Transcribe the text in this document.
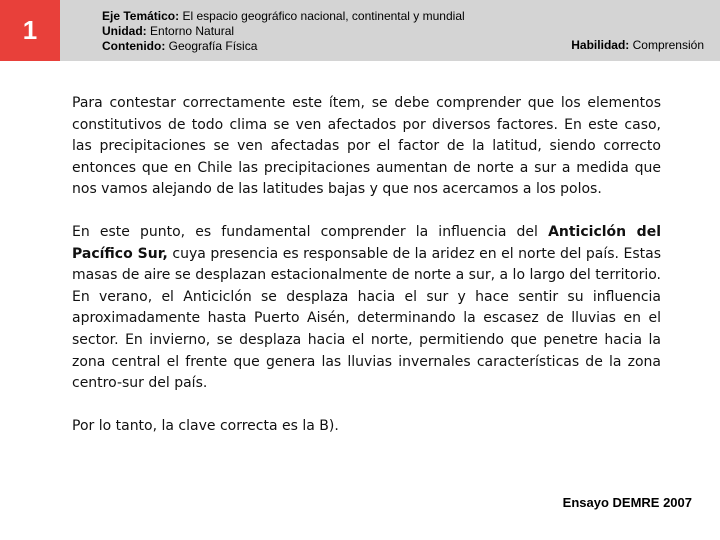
1	Eje Temático: El espacio geográfico nacional, continental y mundial
Unidad: Entorno Natural
Contenido: Geografía Física	Habilidad: Comprensión

Para contestar correctamente este ítem, se debe comprender que los elementos constitutivos de todo clima se ven afectados por diversos factores. En este caso, las precipitaciones se ven afectadas por el factor de la latitud, siendo correcto entonces que en Chile las precipitaciones aumentan de norte a sur a medida que nos vamos alejando de las latitudes bajas y que nos acercamos a los polos.

En este punto, es fundamental comprender la influencia del Anticiclón del Pacífico Sur, cuya presencia es responsable de la aridez en el norte del país. Estas masas de aire se desplazan estacionalmente de norte a sur, a lo largo del territorio. En verano, el Anticiclón se desplaza hacia el sur y hace sentir su influencia aproximadamente hasta Puerto Aisén, determinando la escasez de lluvias en el sector. En invierno, se desplaza hacia el norte, permitiendo que penetre hacia la zona central el frente que genera las lluvias invernales características de la zona centro-sur del país.

Por lo tanto, la clave correcta es la B).

Ensayo DEMRE 2007
